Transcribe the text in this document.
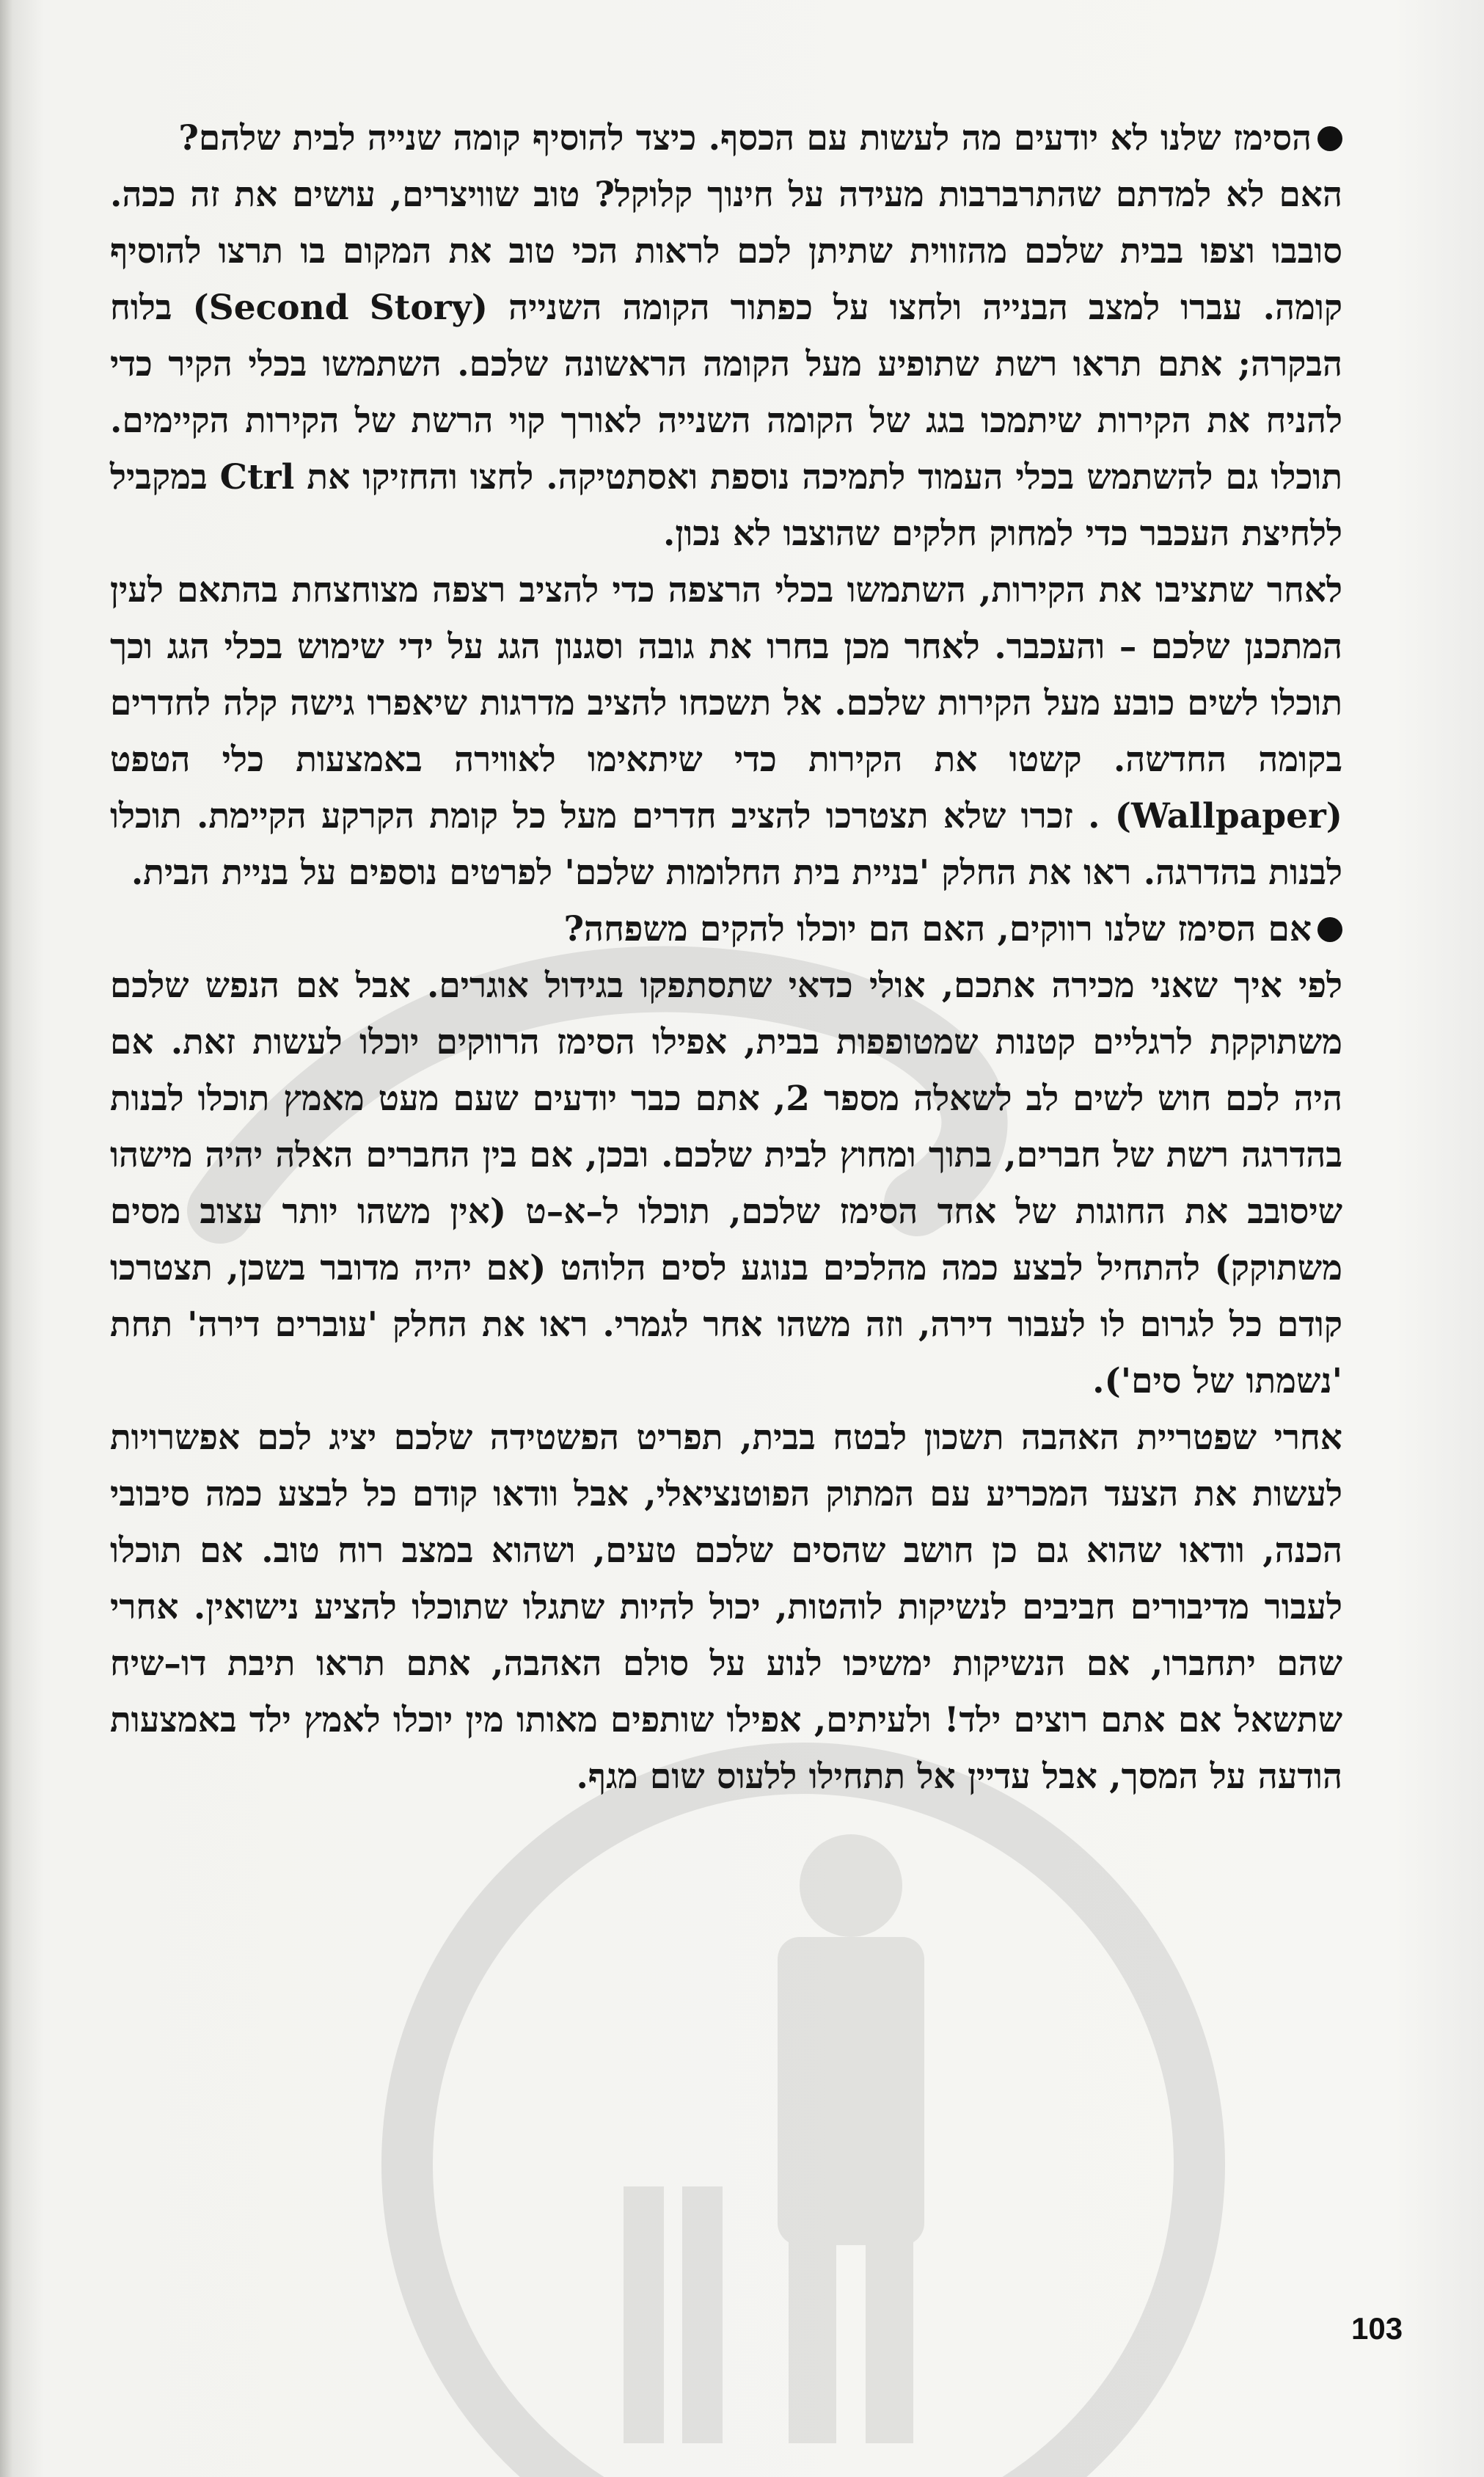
הסימז שלנו לא יודעים מה לעשות עם הכסף. כיצד להוסיף קומה שנייה לבית שלהם?

האם לא למדתם שהתרברבות מעידה על חינוך קלוקל? טוב שוויצרים, עושים את זה ככה. סובבו וצפו בבית שלכם מהזווית שתיתן לכם לראות הכי טוב את המקום בו תרצו להוסיף קומה. עברו למצב הבנייה ולחצו על כפתור הקומה השנייה (Second Story) בלוח הבקרה; אתם תראו רשת שתופיע מעל הקומה הראשונה שלכם. השתמשו בכלי הקיר כדי להניח את הקירות שיתמכו בגג של הקומה השנייה לאורך קוי הרשת של הקירות הקיימים. תוכלו גם להשתמש בכלי העמוד לתמיכה נוספת ואסתטיקה. לחצו והחזיקו את Ctrl במקביל ללחיצת העכבר כדי למחוק חלקים שהוצבו לא נכון.

לאחר שתציבו את הקירות, השתמשו בכלי הרצפה כדי להציב רצפה מצוחצחת בהתאם לעין המתכנן שלכם – והעכבר. לאחר מכן בחרו את גובה וסגנון הגג על ידי שימוש בכלי הגג וכך תוכלו לשים כובע מעל הקירות שלכם. אל תשכחו להציב מדרגות שיאפרו גישה קלה לחדרים בקומה החדשה. קשטו את הקירות כדי שיתאימו לאווירה באמצעות כלי הטפט (Wallpaper) . זכרו שלא תצטרכו להציב חדרים מעל כל קומת הקרקע הקיימת. תוכלו לבנות בהדרגה. ראו את החלק 'בניית בית החלומות שלכם' לפרטים נוספים על בניית הבית.

אם הסימז שלנו רווקים, האם הם יוכלו להקים משפחה?

לפי איך שאני מכירה אתכם, אולי כדאי שתסתפקו בגידול אוגרים. אבל אם הנפש שלכם משתוקקת לרגליים קטנות שמטופפות בבית, אפילו הסימז הרווקים יוכלו לעשות זאת. אם היה לכם חוש לשים לב לשאלה מספר 2, אתם כבר יודעים שעם מעט מאמץ תוכלו לבנות בהדרגה רשת של חברים, בתוך ומחוץ לבית שלכם. ובכן, אם בין החברים האלה יהיה מישהו שיסובב את החוגות של אחד הסימז שלכם, תוכלו ל–א–ט (אין משהו יותר עצוב מסים משתוקק) להתחיל לבצע כמה מהלכים בנוגע לסים הלוהט (אם יהיה מדובר בשכן, תצטרכו קודם כל לגרום לו לעבור דירה, וזה משהו אחר לגמרי. ראו את החלק 'עוברים דירה' תחת 'נשמתו של סים').

אחרי שפטריית האהבה תשכון לבטח בבית, תפריט הפשטידה שלכם יציג לכם אפשרויות לעשות את הצעד המכריע עם המתוק הפוטנציאלי, אבל וודאו קודם כל לבצע כמה סיבובי הכנה, וודאו שהוא גם כן חושב שהסים שלכם טעים, ושהוא במצב רוח טוב. אם תוכלו לעבור מדיבורים חביבים לנשיקות לוהטות, יכול להיות שתגלו שתוכלו להציע נישואין. אחרי שהם יתחברו, אם הנשיקות ימשיכו לנוע על סולם האהבה, אתם תראו תיבת דו–שיח שתשאל אם אתם רוצים ילד! ולעיתים, אפילו שותפים מאותו מין יוכלו לאמץ ילד באמצעות הודעה על המסך, אבל עדיין אל תתחילו ללעוס שום מגף.

103
